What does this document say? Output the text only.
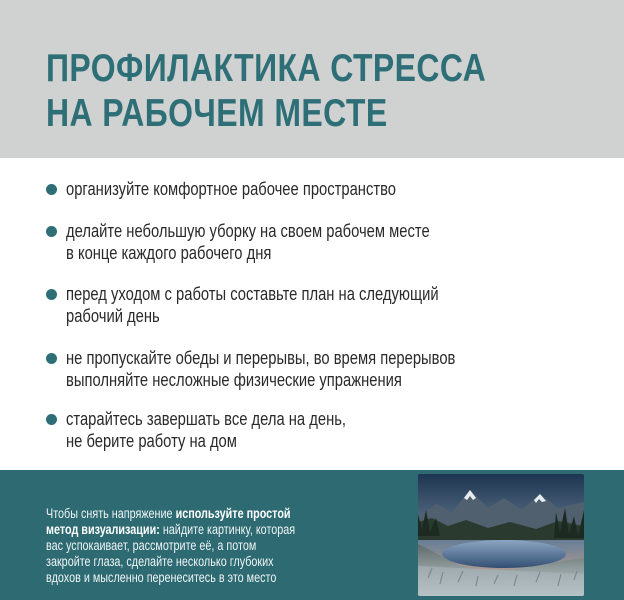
ПРОФИЛАКТИКА СТРЕССА
НА РАБОЧЕМ МЕСТЕ
организуйте комфортное рабочее пространство
делайте небольшую уборку на своем рабочем месте
в конце каждого рабочего дня
перед уходом с работы составьте план на следующий
рабочий день
не пропускайте обеды и перерывы, во время перерывов
выполняйте несложные физические упражнения
старайтесь завершать все дела на день,
не берите работу на дом

Чтобы снять напряжение используйте простой
метод визуализации: найдите картинку, которая
вас успокаивает, рассмотрите её, а потом
закройте глаза, сделайте несколько глубоких
вдохов и мысленно перенеситесь в это место
